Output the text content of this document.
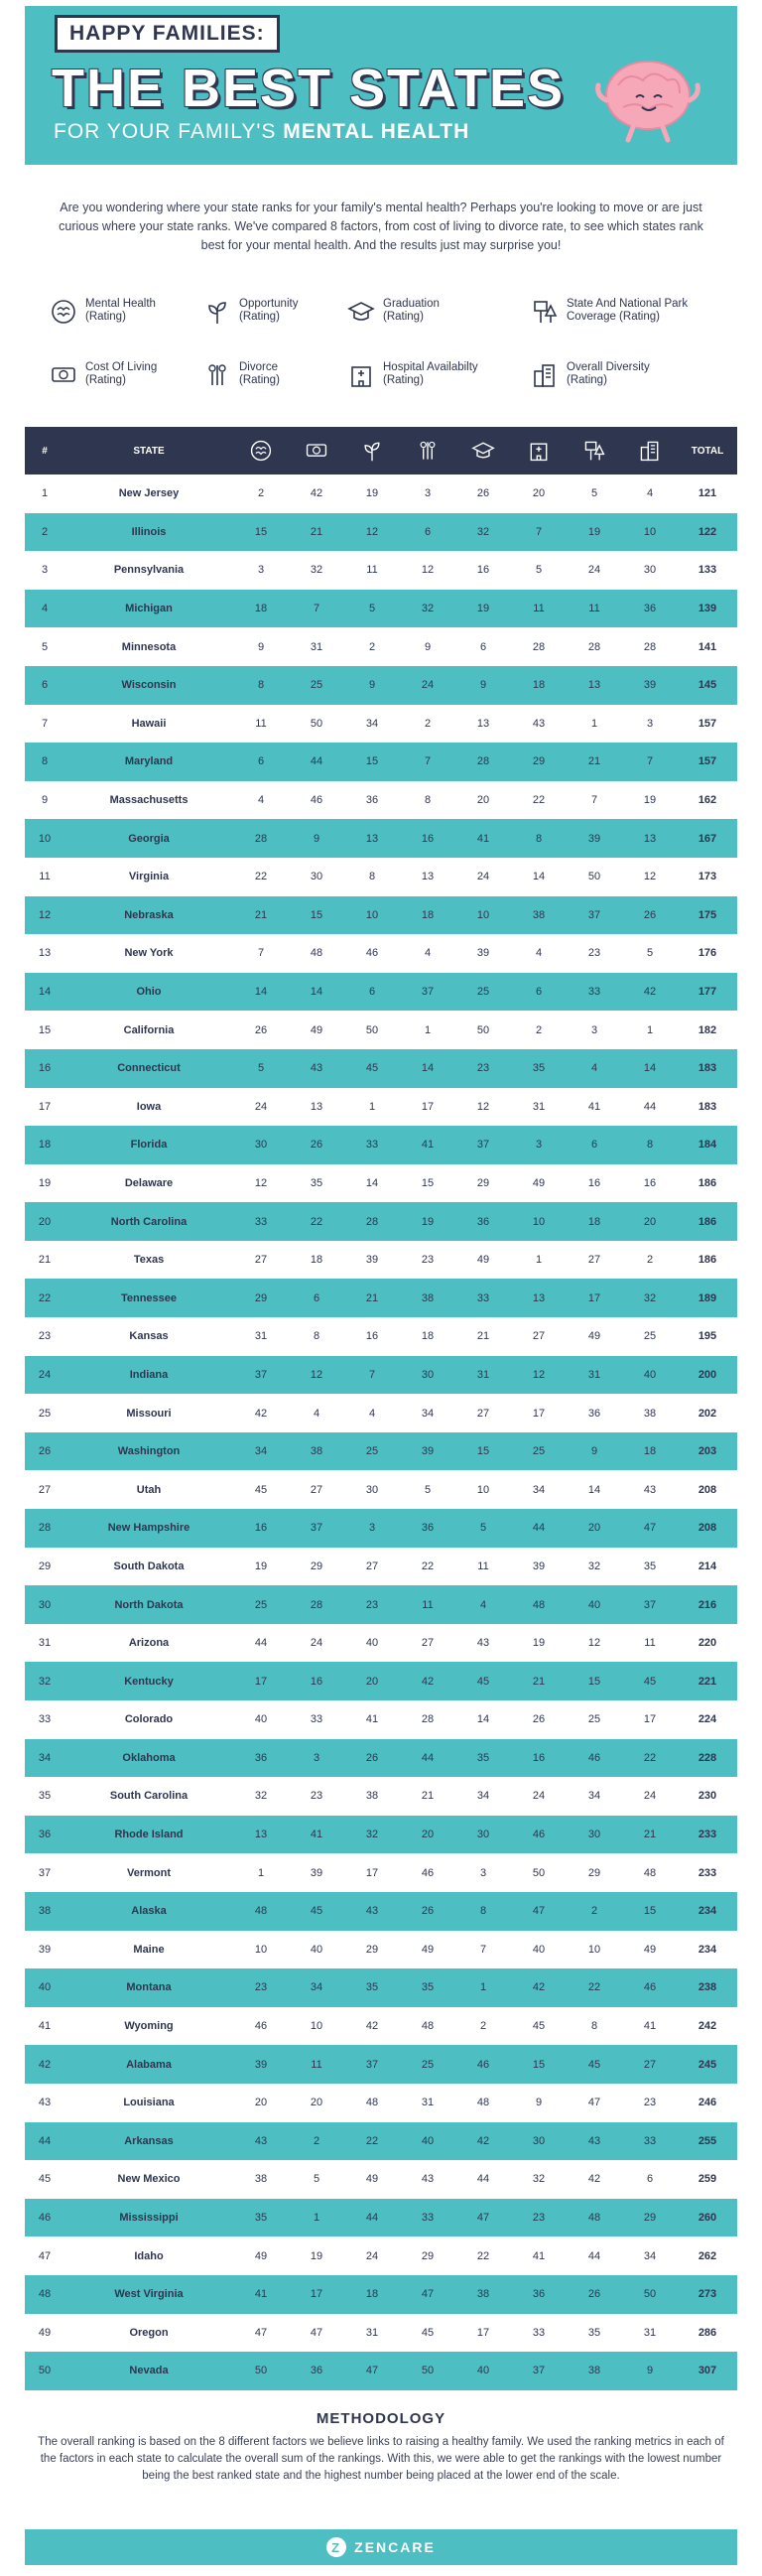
HAPPY FAMILIES:
THE BEST STATES
FOR YOUR FAMILY'S MENTAL HEALTH

Are you wondering where your state ranks for your family's mental health? Perhaps you're looking to move or are just curious where your state ranks. We've compared 8 factors, from cost of living to divorce rate, to see which states rank best for your mental health. And the results just may surprise you!

Mental Health (Rating)
Opportunity (Rating)
Graduation (Rating)
State And National Park Coverage (Rating)
Cost Of Living (Rating)
Divorce (Rating)
Hospital Availabilty (Rating)
Overall Diversity (Rating)
#	STATE	TOTAL
1	New Jersey	2	42	19	3	26	20	5	4	121
2	Illinois	15	21	12	6	32	7	19	10	122
3	Pennsylvania	3	32	11	12	16	5	24	30	133
4	Michigan	18	7	5	32	19	11	11	36	139
5	Minnesota	9	31	2	9	6	28	28	28	141
6	Wisconsin	8	25	9	24	9	18	13	39	145
7	Hawaii	11	50	34	2	13	43	1	3	157
8	Maryland	6	44	15	7	28	29	21	7	157
9	Massachusetts	4	46	36	8	20	22	7	19	162
10	Georgia	28	9	13	16	41	8	39	13	167
11	Virginia	22	30	8	13	24	14	50	12	173
12	Nebraska	21	15	10	18	10	38	37	26	175
13	New York	7	48	46	4	39	4	23	5	176
14	Ohio	14	14	6	37	25	6	33	42	177
15	California	26	49	50	1	50	2	3	1	182
16	Connecticut	5	43	45	14	23	35	4	14	183
17	Iowa	24	13	1	17	12	31	41	44	183
18	Florida	30	26	33	41	37	3	6	8	184
19	Delaware	12	35	14	15	29	49	16	16	186
20	North Carolina	33	22	28	19	36	10	18	20	186
21	Texas	27	18	39	23	49	1	27	2	186
22	Tennessee	29	6	21	38	33	13	17	32	189
23	Kansas	31	8	16	18	21	27	49	25	195
24	Indiana	37	12	7	30	31	12	31	40	200
25	Missouri	42	4	4	34	27	17	36	38	202
26	Washington	34	38	25	39	15	25	9	18	203
27	Utah	45	27	30	5	10	34	14	43	208
28	New Hampshire	16	37	3	36	5	44	20	47	208
29	South Dakota	19	29	27	22	11	39	32	35	214
30	North Dakota	25	28	23	11	4	48	40	37	216
31	Arizona	44	24	40	27	43	19	12	11	220
32	Kentucky	17	16	20	42	45	21	15	45	221
33	Colorado	40	33	41	28	14	26	25	17	224
34	Oklahoma	36	3	26	44	35	16	46	22	228
35	South Carolina	32	23	38	21	34	24	34	24	230
36	Rhode Island	13	41	32	20	30	46	30	21	233
37	Vermont	1	39	17	46	3	50	29	48	233
38	Alaska	48	45	43	26	8	47	2	15	234
39	Maine	10	40	29	49	7	40	10	49	234
40	Montana	23	34	35	35	1	42	22	46	238
41	Wyoming	46	10	42	48	2	45	8	41	242
42	Alabama	39	11	37	25	46	15	45	27	245
43	Louisiana	20	20	48	31	48	9	47	23	246
44	Arkansas	43	2	22	40	42	30	43	33	255
45	New Mexico	38	5	49	43	44	32	42	6	259
46	Mississippi	35	1	44	33	47	23	48	29	260
47	Idaho	49	19	24	29	22	41	44	34	262
48	West Virginia	41	17	18	47	38	36	26	50	273
49	Oregon	47	47	31	45	17	33	35	31	286
50	Nevada	50	36	47	50	40	37	38	9	307
METHODOLOGY

The overall ranking is based on the 8 different factors we believe links to raising a healthy family. We used the ranking metrics in each of the factors in each state to calculate the overall sum of the rankings. With this, we were able to get the rankings with the lowest number being the best ranked state and the highest number being placed at the lower end of the scale.

Z ZENCARE
